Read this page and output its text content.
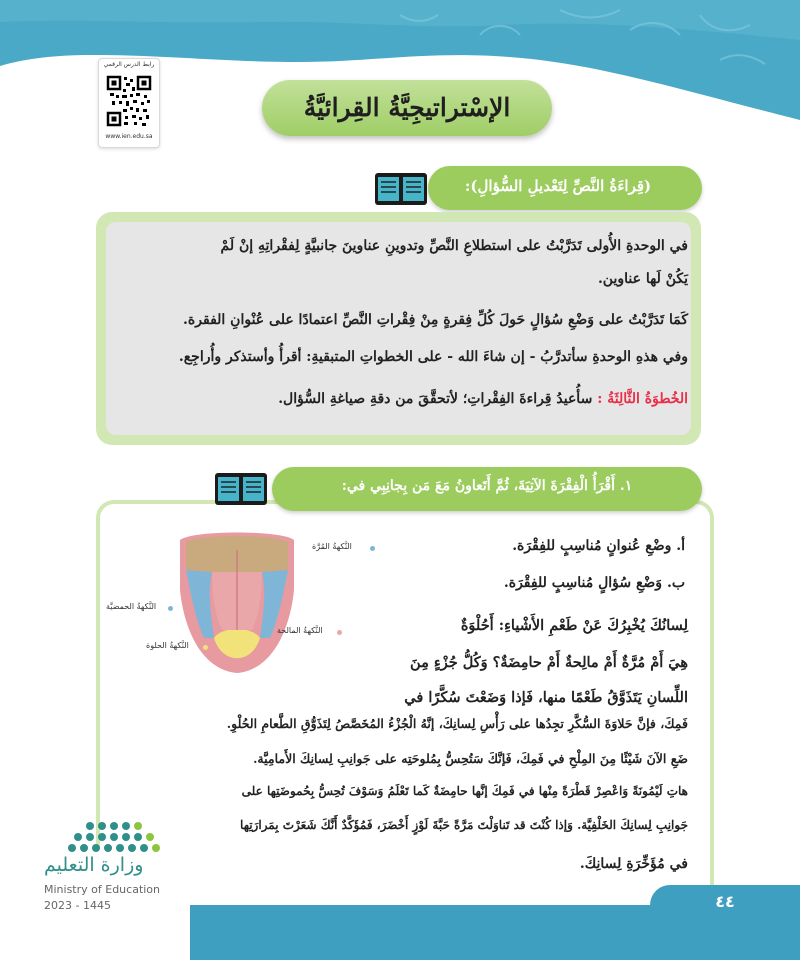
رابط الدرس الرقمي
www.ien.edu.sa
الإسْتراتيجِيَّةُ القِرائيَّةُ
(قِراءَةُ النَّصِّ لِتَعْديلِ السُّؤالِ):
في الوحدةِ الأُولى تَدَرَّبْتُ على استطلاعِ النَّصِّ وتدوينِ عناوينَ جانبيَّةٍ لِفقْراتِهِ إنْ لَمْ
يَكُنْ لَها عناوين.
كَمَا تَدَرَّبْتُ على وَضْعِ سُؤالٍ حَولَ كُلِّ فِقرةٍ مِنْ فِقْراتِ النَّصِّ اعتمادًا على عُنْوانِ الفقرة.
وفي هذهِ الوحدةِ سأتدرَّبُ - إن شاءَ الله - على الخطواتِ المتبقيةِ: أقرأُ وأستذكر وأُراجِع.
الخُطوَةُ الثَّالِثَةُ : سأُعيدُ قِراءةَ الفِقْراتِ؛ لأتحقَّقَ من دقةِ صياغةِ السُّؤال.
١. أَقْرَأُ الْفِقْرَةَ الآتِيَةَ، ثُمَّ أَتَعاونُ مَعَ مَن بِجانِبِي في:
النَّكهةُ المُرَّة
النَّكهةُ الحمضيَّة
النَّكهةُ المالحة
النَّكهةُ الحلوة
أ. وضْعِ عُنوانٍ مُناسِبٍ للفِقْرَة.
ب. وَضْعِ سُؤالٍ مُناسِبٍ للفِقْرَة.
لِسانُكَ يُخْبِرُكَ عَنْ طَعْمِ الأَشْياءِ: أَحُلْوَةٌ
هِيَ أَمْ مُرَّةٌ أَمْ مالِحةٌ أَمْ حامِضَةٌ؟ وَكُلُّ جُزْءٍ مِنَ
اللِّسانِ يَتَذَوَّقُ طَعْمًا منها، فَإذا وَضَعْتَ سُكَّرًا في
فَمِكَ، فإنَّ حَلاوَةَ السُّكَّرِ تجِدُها على رَأْسِ لِسانِكَ، إنَّهُ الْجُزْءُ المُخَصَّصُ لِتَذَوُّقِ الطَّعامِ الحُلْوِ.
ضَعِ الآنَ شَيْئًا مِنَ المِلْحِ في فَمِكَ، فَإنَّكَ سَتُحِسُّ بِمُلوحَتِه على جَوانِبِ لِسانِكَ الأَمامِيَّة.
هاتِ لَيْمُونَةً وَاعْصِرْ قَطْرَةً مِنْها في فَمِكَ إنَّها حامِضَةٌ كَما تَعْلَمُ وَسَوْفَ تُحِسُّ بِحُموضَتِها على
جَوانِبِ لِسانِكَ الخَلْفِيَّة. وَإذا كُنْتَ قد تَناوَلْتَ مَرَّةً حَبَّةَ لَوْزٍ أَخْضَرَ، فَمُؤَكَّدٌ أَنَّكَ شَعَرْتَ بِمَرارَتِها
في مُؤَخِّرَةِ لِسانِكَ.
٤٤
وزارة التعليم
Ministry of Education
2023 - 1445
